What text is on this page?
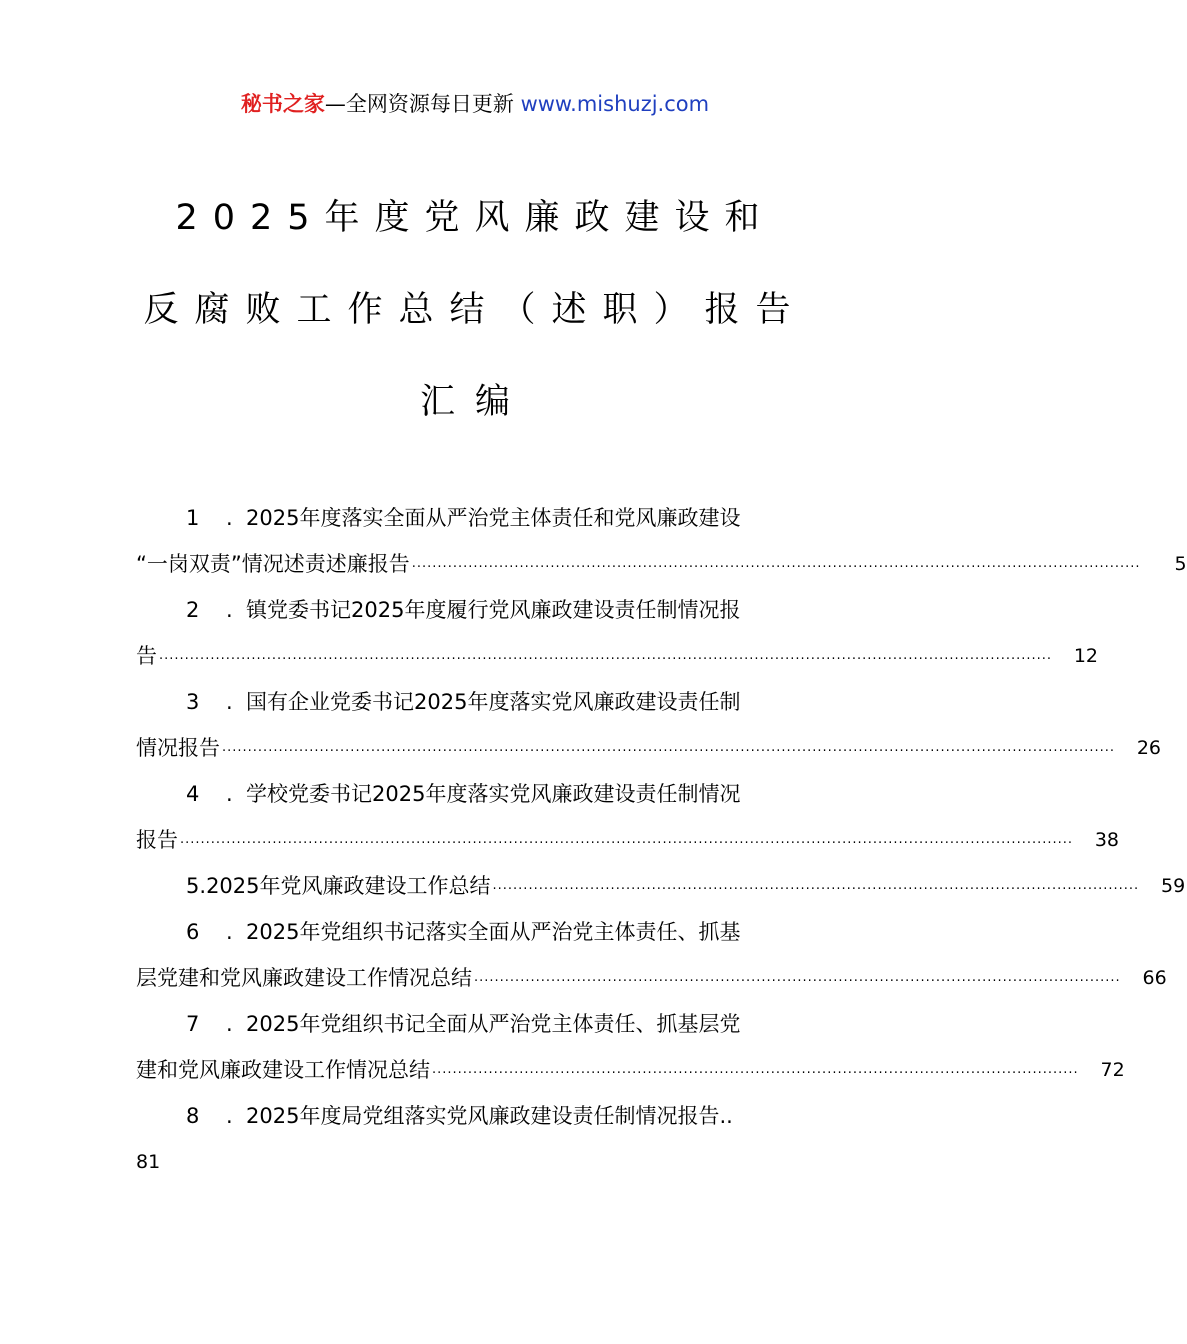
秘书之家—全网资源每日更新 www.mishuzj.com
2025年度党风廉政建设和
反腐败工作总结（述职）报告
汇编
1	. 2025年度落实全面从严治党主体责任和党风廉政建设
“一岗双责”情况述责述廉报告 ..............................................................................................................................................	5
2	. 镇党委书记2025年度履行党风廉政建设责任制情况报
告 ..............................................................................................................................................................................	12
3	. 国有企业党委书记2025年度落实党风廉政建设责任制
情况报告 ..............................................................................................................................................................................	26
4	. 学校党委书记2025年度落实党风廉政建设责任制情况
报告 ..............................................................................................................................................................................	38
5 . 2025年党风廉政建设工作总结 ..............................................................................................................................	59
6	. 2025年党组织书记落实全面从严治党主体责任、抓基
层党建和党风廉政建设工作情况总结 ..............................................................................................................................	66
7	. 2025年党组织书记全面从严治党主体责任、抓基层党
建和党风廉政建设工作情况总结 ..............................................................................................................................	72
8	. 2025年度局党组落实党风廉政建设责任制情况报告..
81
